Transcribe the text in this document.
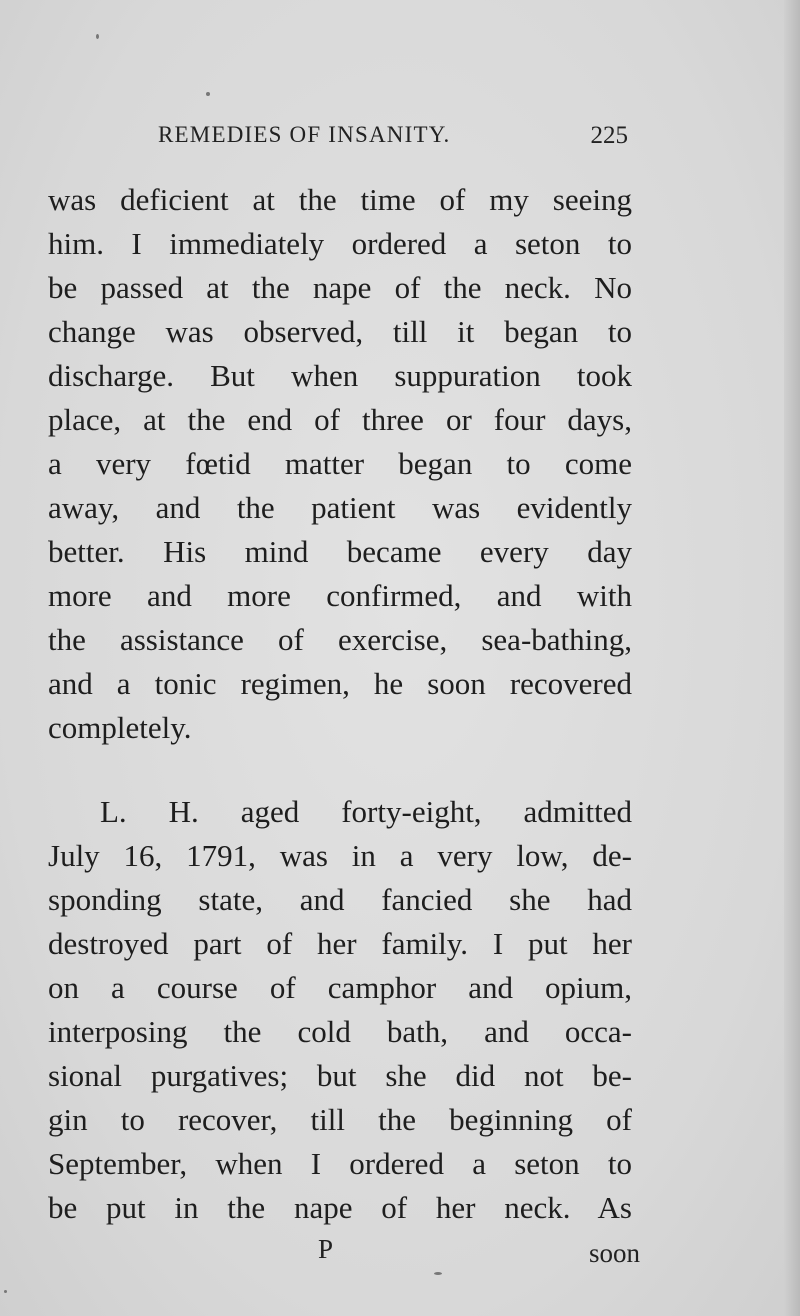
REMEDIES OF INSANITY.	225
was deficient at the time of my seeing
him. I immediately ordered a seton to
be passed at the nape of the neck. No
change was observed, till it began to
discharge. But when suppuration took
place, at the end of three or four days,
a very fœtid matter began to come
away, and the patient was evidently
better. His mind became every day
more and more confirmed, and with
the assistance of exercise, sea-bathing,
and a tonic regimen, he soon recovered
completely.
L. H. aged forty-eight, admitted
July 16, 1791, was in a very low, de-
sponding state, and fancied she had
destroyed part of her family. I put her
on a course of camphor and opium,
interposing the cold bath, and occa-
sional purgatives; but she did not be-
gin to recover, till the beginning of
September, when I ordered a seton to
be put in the nape of her neck. As
P	soon
